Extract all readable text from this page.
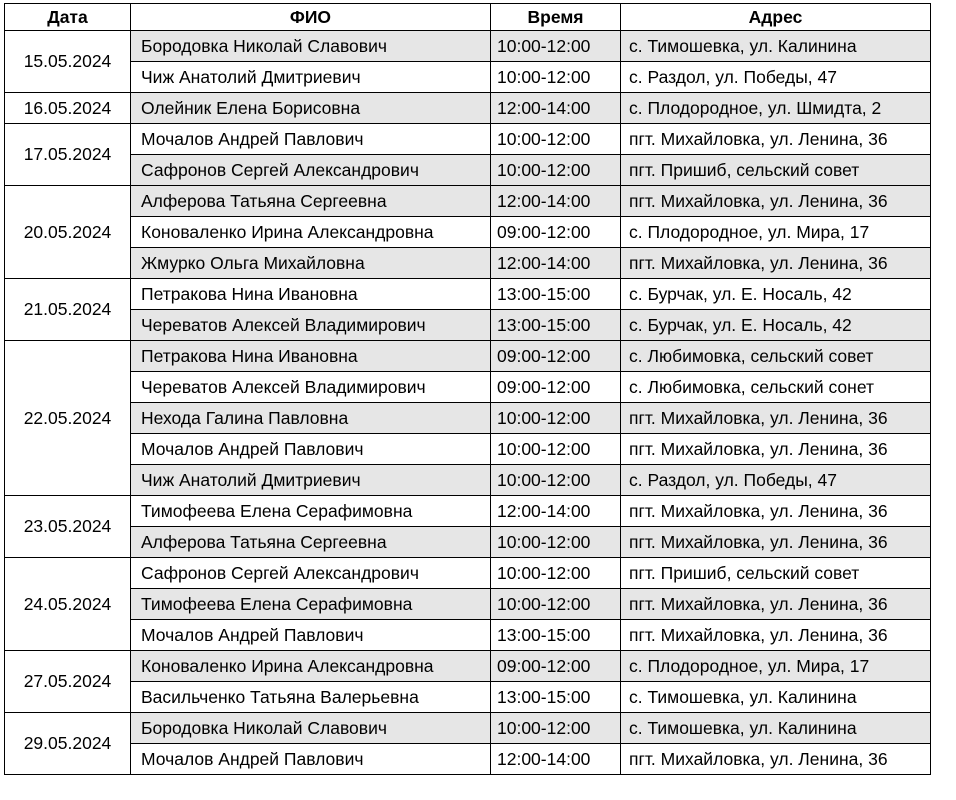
Дата	ФИО	Время	Адрес
15.05.2024	Бородовка Николай Славович	10:00-12:00	с. Тимошевка, ул. Калинина
	Чиж Анатолий Дмитриевич	10:00-12:00	с. Раздол, ул. Победы, 47
16.05.2024	Олейник Елена Борисовна	12:00-14:00	с. Плодородное, ул. Шмидта, 2
17.05.2024	Мочалов Андрей Павлович	10:00-12:00	пгт. Михайловка, ул. Ленина, 36
	Сафронов Сергей Александрович	10:00-12:00	пгт. Пришиб, сельский совет
20.05.2024	Алферова Татьяна Сергеевна	12:00-14:00	пгт. Михайловка, ул. Ленина, 36
	Коноваленко Ирина Александровна	09:00-12:00	с. Плодородное, ул. Мира, 17
	Жмурко Ольга Михайловна	12:00-14:00	пгт. Михайловка, ул. Ленина, 36
21.05.2024	Петракова Нина Ивановна	13:00-15:00	с. Бурчак, ул. Е. Носаль, 42
	Череватов Алексей Владимирович	13:00-15:00	с. Бурчак, ул. Е. Носаль, 42
22.05.2024	Петракова Нина Ивановна	09:00-12:00	с. Любимовка, сельский совет
	Череватов Алексей Владимирович	09:00-12:00	с. Любимовка, сельский сонет
	Нехода Галина Павловна	10:00-12:00	пгт. Михайловка, ул. Ленина, 36
	Мочалов Андрей Павлович	10:00-12:00	пгт. Михайловка, ул. Ленина, 36
	Чиж Анатолий Дмитриевич	10:00-12:00	с. Раздол, ул. Победы, 47
23.05.2024	Тимофеева Елена Серафимовна	12:00-14:00	пгт. Михайловка, ул. Ленина, 36
	Алферова Татьяна Сергеевна	10:00-12:00	пгт. Михайловка, ул. Ленина, 36
24.05.2024	Сафронов Сергей Александрович	10:00-12:00	пгт. Пришиб, сельский совет
	Тимофеева Елена Серафимовна	10:00-12:00	пгт. Михайловка, ул. Ленина, 36
	Мочалов Андрей Павлович	13:00-15:00	пгт. Михайловка, ул. Ленина, 36
27.05.2024	Коноваленко Ирина Александровна	09:00-12:00	с. Плодородное, ул. Мира, 17
	Васильченко Татьяна Валерьевна	13:00-15:00	с. Тимошевка, ул. Калинина
29.05.2024	Бородовка Николай Славович	10:00-12:00	с. Тимошевка, ул. Калинина
	Мочалов Андрей Павлович	12:00-14:00	пгт. Михайловка, ул. Ленина, 36
